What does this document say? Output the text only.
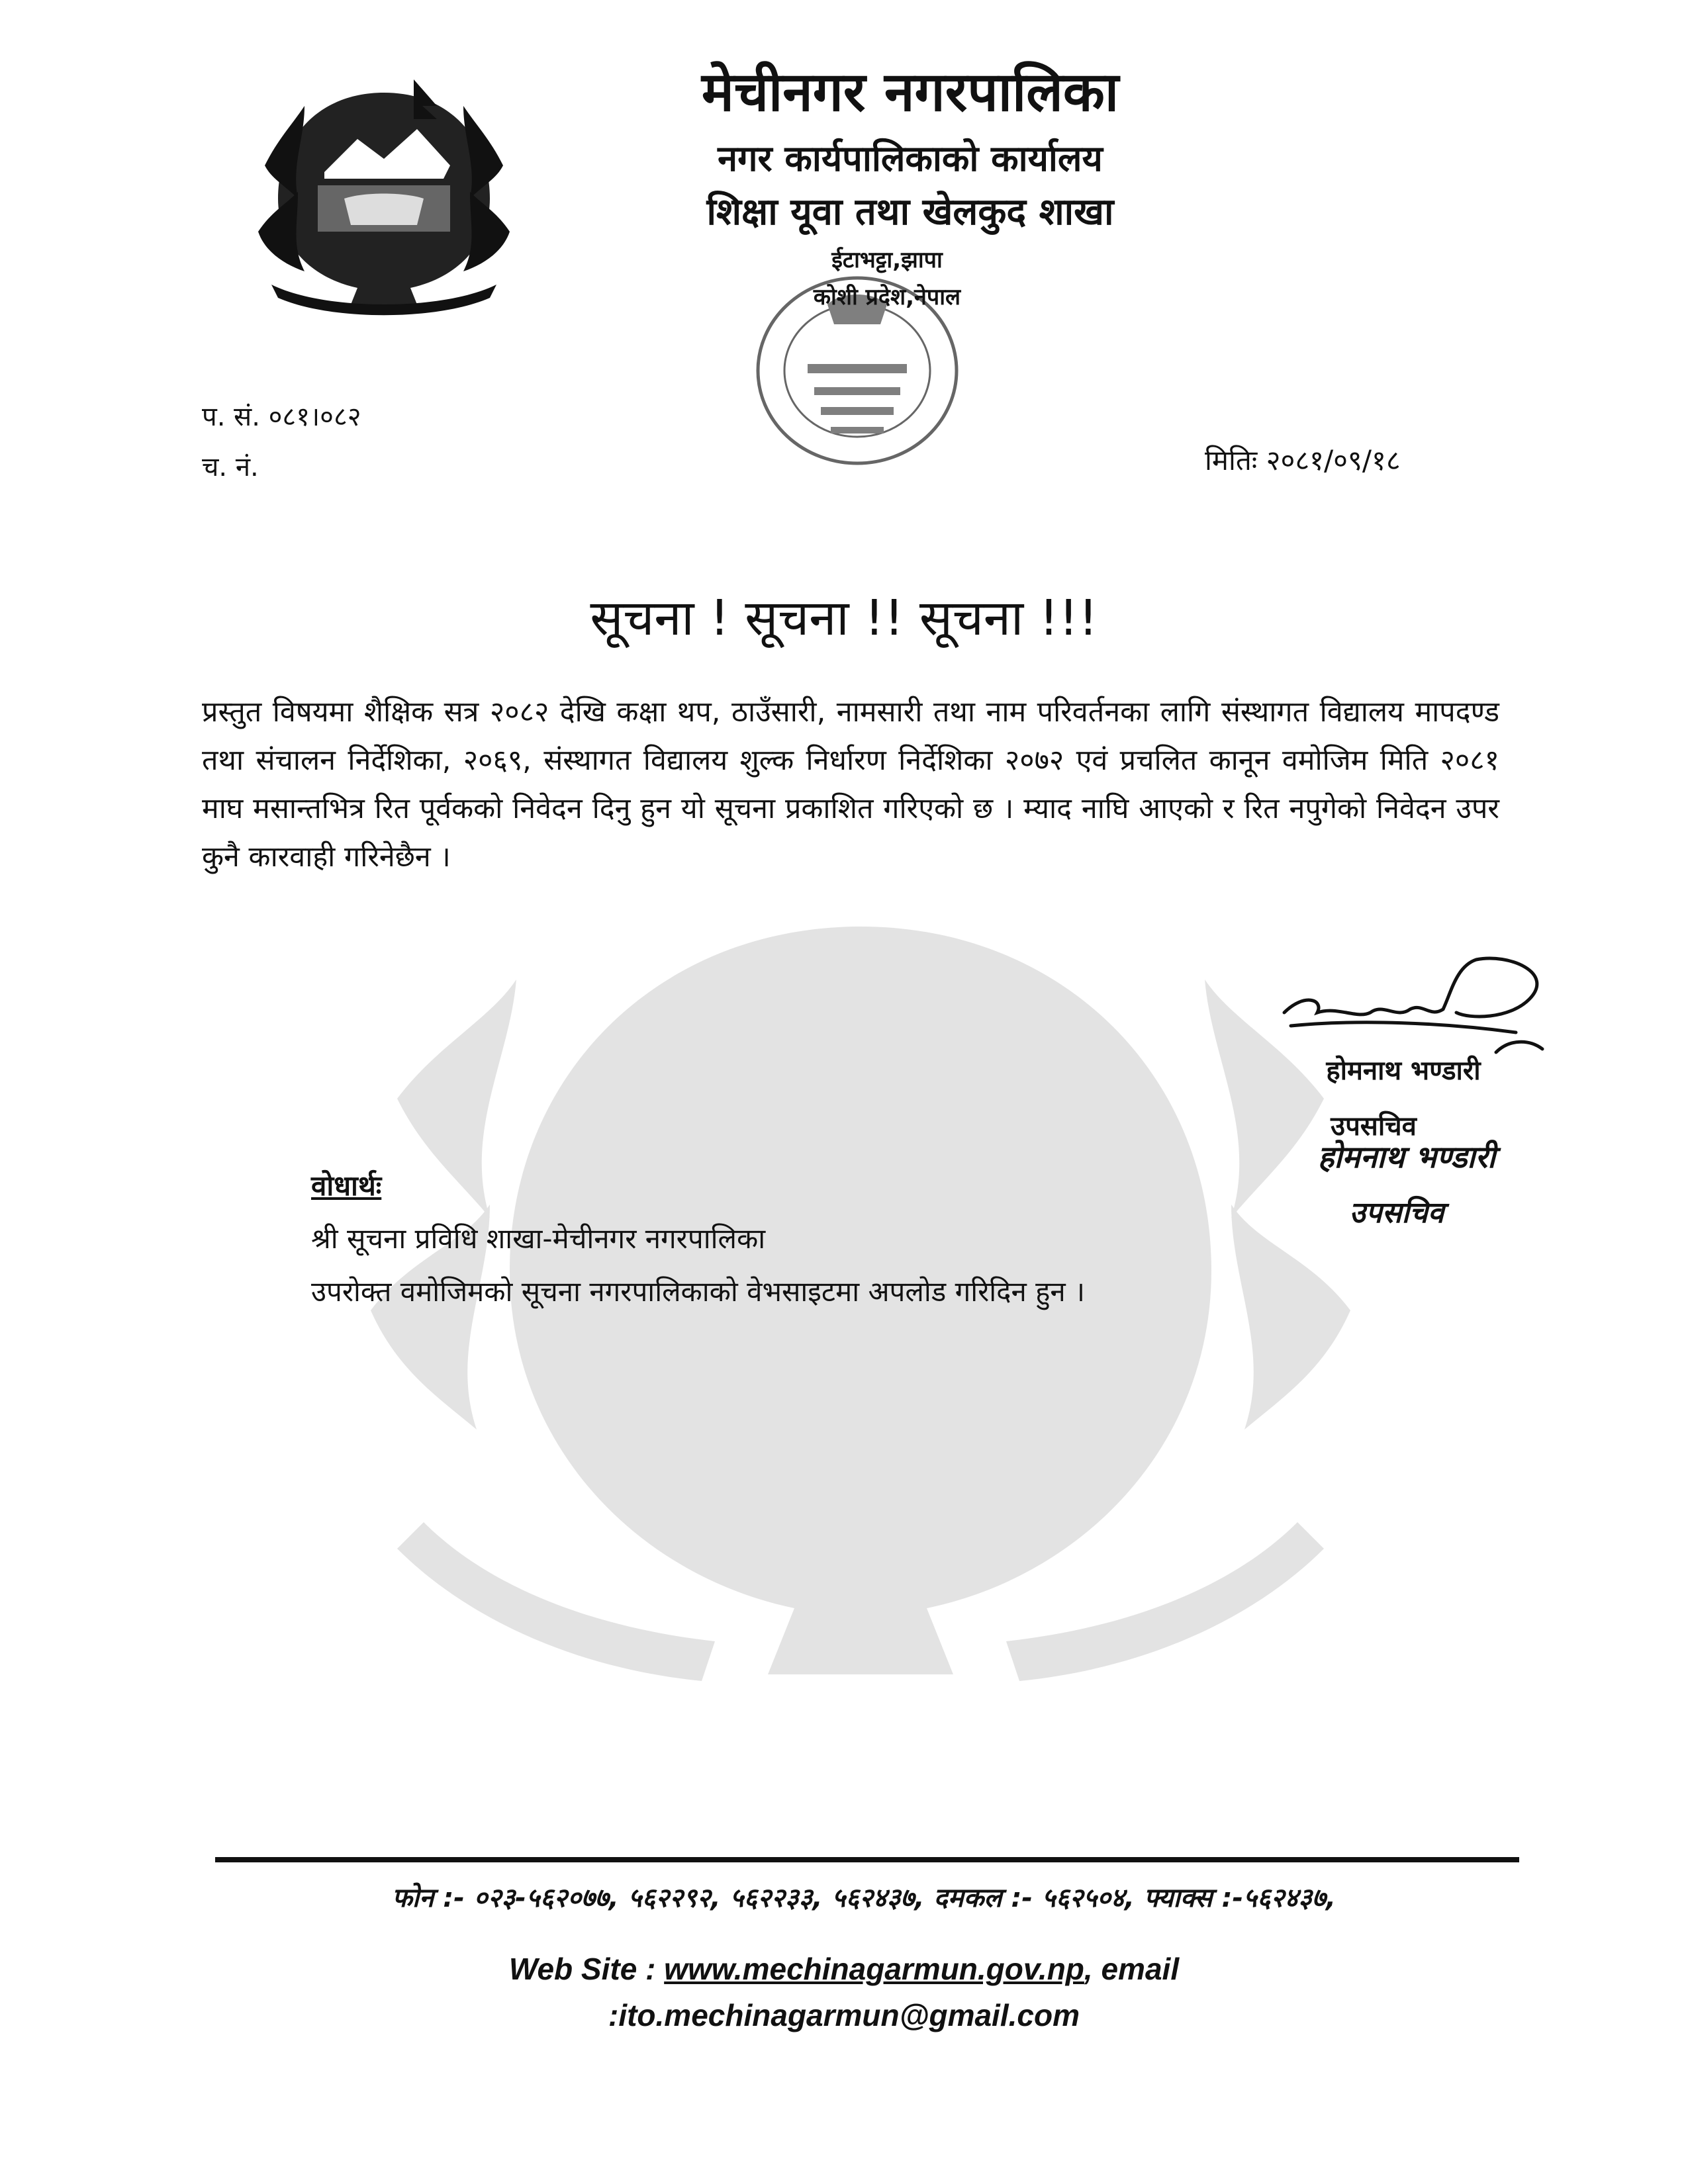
मेचीनगर नगरपालिका
नगर कार्यपालिकाको कार्यालय
शिक्षा यूवा तथा खेलकुद शाखा
ईटाभट्टा,झापा
कोशी प्रदेश,नेपाल
प. सं. ०८१।०८२
च. नं.	मितिः २०८१/०९/१८
सूचना ! सूचना !! सूचना !!!
प्रस्तुत विषयमा शैक्षिक सत्र २०८२ देखि कक्षा थप, ठाउँसारी, नामसारी तथा नाम परिवर्तनका लागि संस्थागत विद्यालय मापदण्ड तथा संचालन निर्देशिका, २०६९, संस्थागत विद्यालय शुल्क निर्धारण निर्देशिका २०७२ एवं प्रचलित कानून वमोजिम मिति २०८१ माघ मसान्तभित्र रित पूर्वकको निवेदन दिनु हुन यो सूचना प्रकाशित गरिएको छ । म्याद नाघि आएको र रित नपुगेको निवेदन उपर कुनै कारवाही गरिनेछैन ।
होमनाथ भण्डारी
उपसचिव
होमनाथ भण्डारी
उपसचिव
वोधार्थः
श्री सूचना प्रविधि शाखा-मेचीनगर नगरपालिका
उपरोक्त वमोजिमको सूचना नगरपालिकाको वेभसाइटमा अपलोड गरिदिन हुन ।
फोन :- ०२३-५६२०७७, ५६२२९२, ५६२२३३, ५६२४३७, दमकल :- ५६२५०४, फ्याक्स :-५६२४३७,
Web Site : www.mechinagarmun.gov.np, email
:ito.mechinagarmun@gmail.com
